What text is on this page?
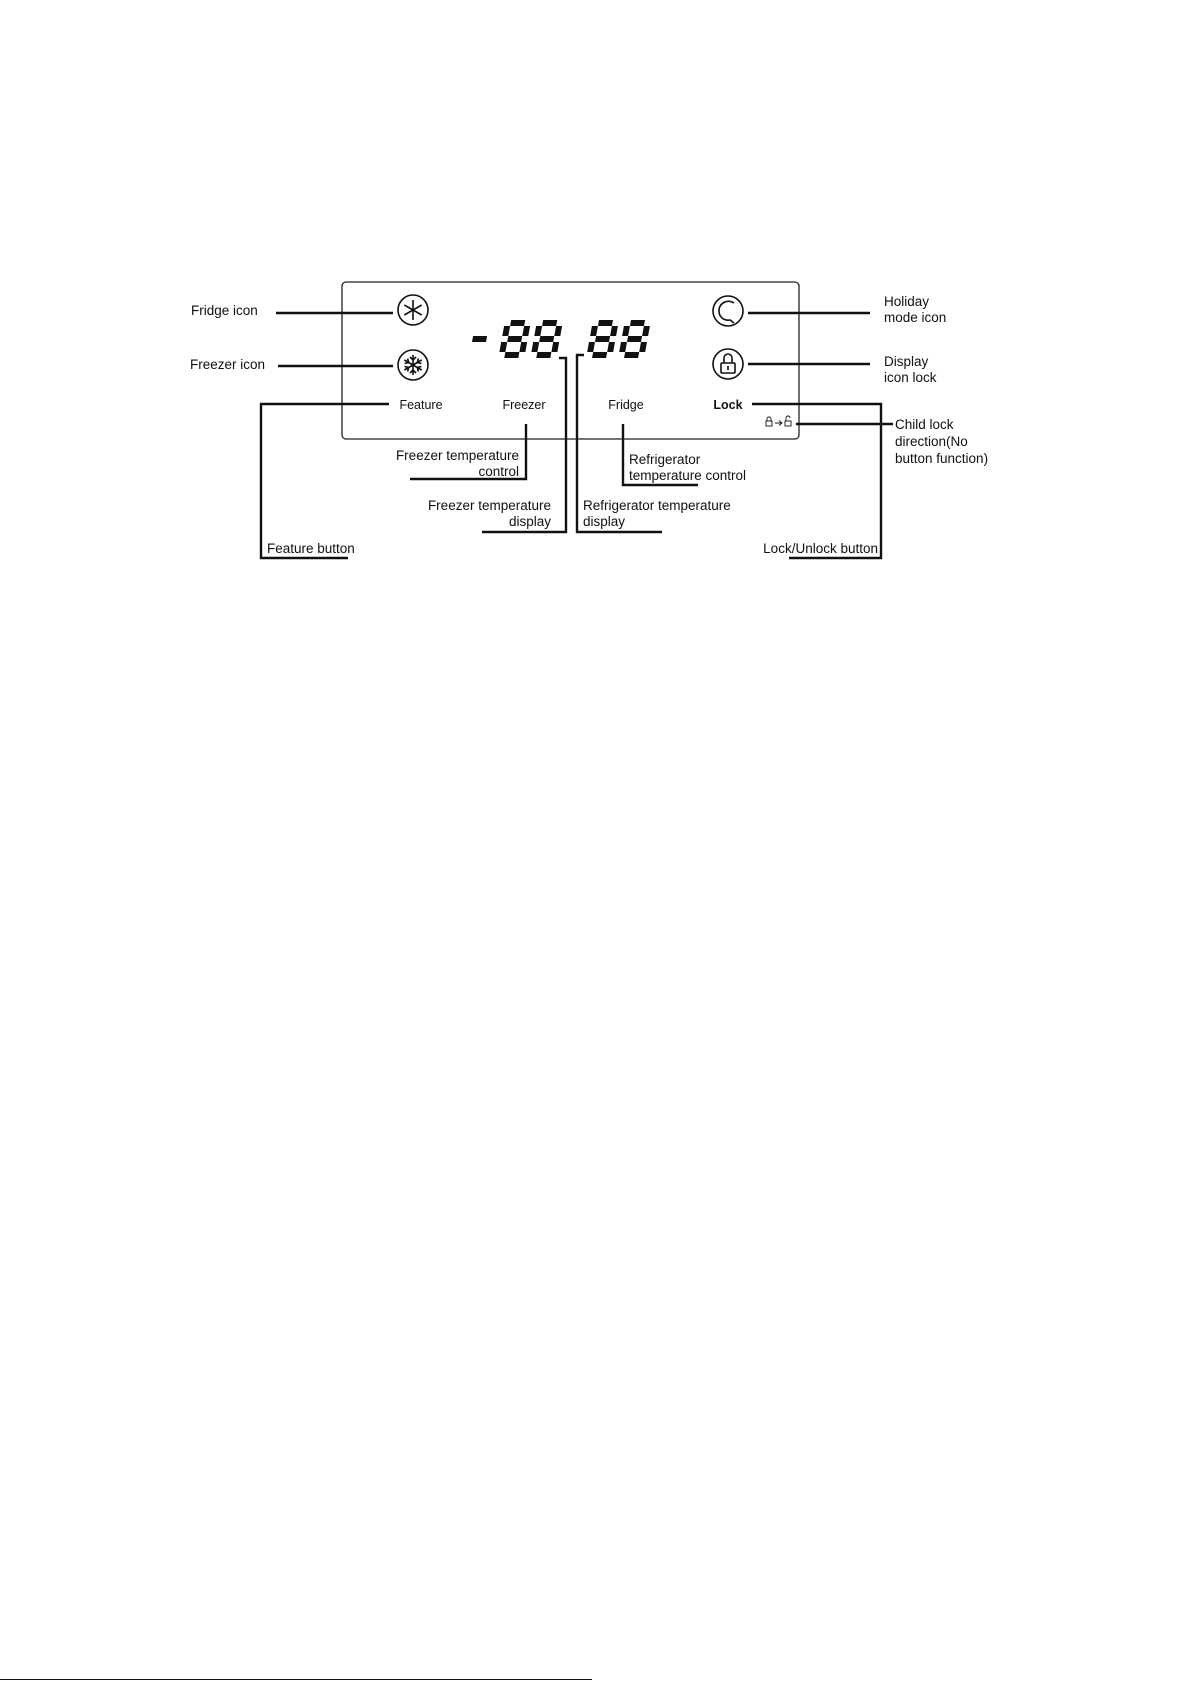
Feature	Freezer	Fridge	Lock
Fridge icon
Freezer icon
Holiday
mode icon
Display
icon lock
Child lock
direction(No
button function)
Freezer temperature
control
Refrigerator
temperature control
Freezer temperature
display
Refrigerator temperature
display
Feature button	Lock/Unlock button
